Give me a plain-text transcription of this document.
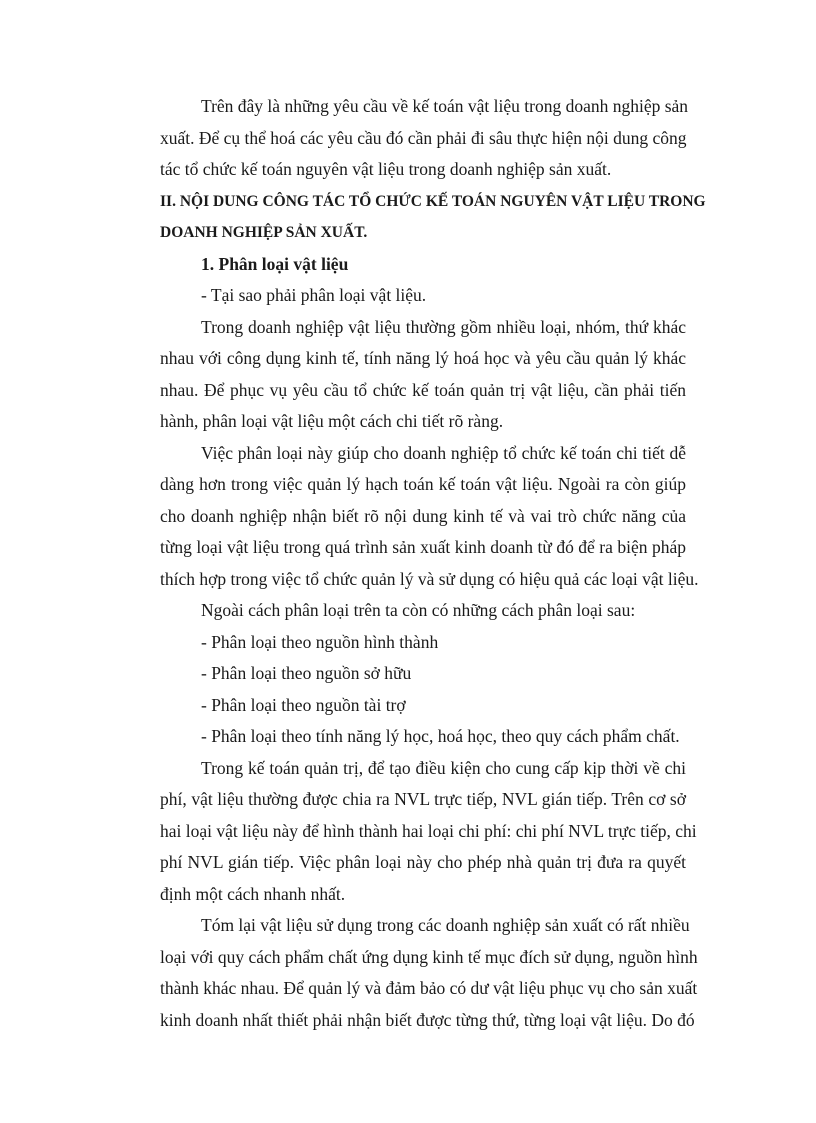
Trên đây là những yêu cầu về kế toán vật liệu trong doanh nghiệp sản
xuất. Để cụ thể hoá các yêu cầu đó cần phải đi sâu thực hiện nội dung công
tác tổ chức kế toán nguyên vật liệu trong doanh nghiệp sản xuất.
II. NỘI DUNG CÔNG TÁC TỔ CHỨC KẾ TOÁN NGUYÊN VẬT LIỆU TRONG
DOANH NGHIỆP SẢN XUẤT.
1. Phân loại vật liệu
- Tại sao phải phân loại vật liệu.
Trong doanh nghiệp vật liệu thường gồm nhiều loại, nhóm, thứ khác
nhau với công dụng kinh tế, tính năng lý hoá học và yêu cầu quản lý khác
nhau. Để phục vụ yêu cầu tổ chức kế toán quản trị vật liệu, cần phải tiến
hành, phân loại vật liệu một cách chi tiết rõ ràng.
Việc phân loại này giúp cho doanh nghiệp tổ chức kế toán chi tiết dễ
dàng hơn trong việc quản lý hạch toán kế toán vật liệu. Ngoài ra còn giúp
cho doanh nghiệp nhận biết rõ nội dung kinh tế và vai trò chức năng của
từng loại vật liệu trong quá trình sản xuất kinh doanh từ đó để ra biện pháp
thích hợp trong việc tổ chức quản lý và sử dụng có hiệu quả các loại vật liệu.
Ngoài cách phân loại trên ta còn có những cách phân loại sau:
- Phân loại theo nguồn hình thành
- Phân loại theo nguồn sở hữu
- Phân loại theo nguồn tài trợ
- Phân loại theo tính năng lý học, hoá học, theo quy cách phẩm chất.
Trong kế toán quản trị, để tạo điều kiện cho cung cấp kịp thời về chi
phí, vật liệu thường được chia ra NVL trực tiếp, NVL gián tiếp. Trên cơ sở
hai loại vật liệu này để hình thành hai loại chi phí: chi phí NVL trực tiếp, chi
phí NVL gián tiếp. Việc phân loại này cho phép nhà quản trị đưa ra quyết
định một cách nhanh nhất.
Tóm lại vật liệu sử dụng trong các doanh nghiệp sản xuất có rất nhiều
loại với quy cách phẩm chất ứng dụng kinh tế mục đích sử dụng, nguồn hình
thành khác nhau. Để quản lý và đảm bảo có dư vật liệu phục vụ cho sản xuất
kinh doanh nhất thiết phải nhận biết được từng thứ, từng loại vật liệu. Do đó
